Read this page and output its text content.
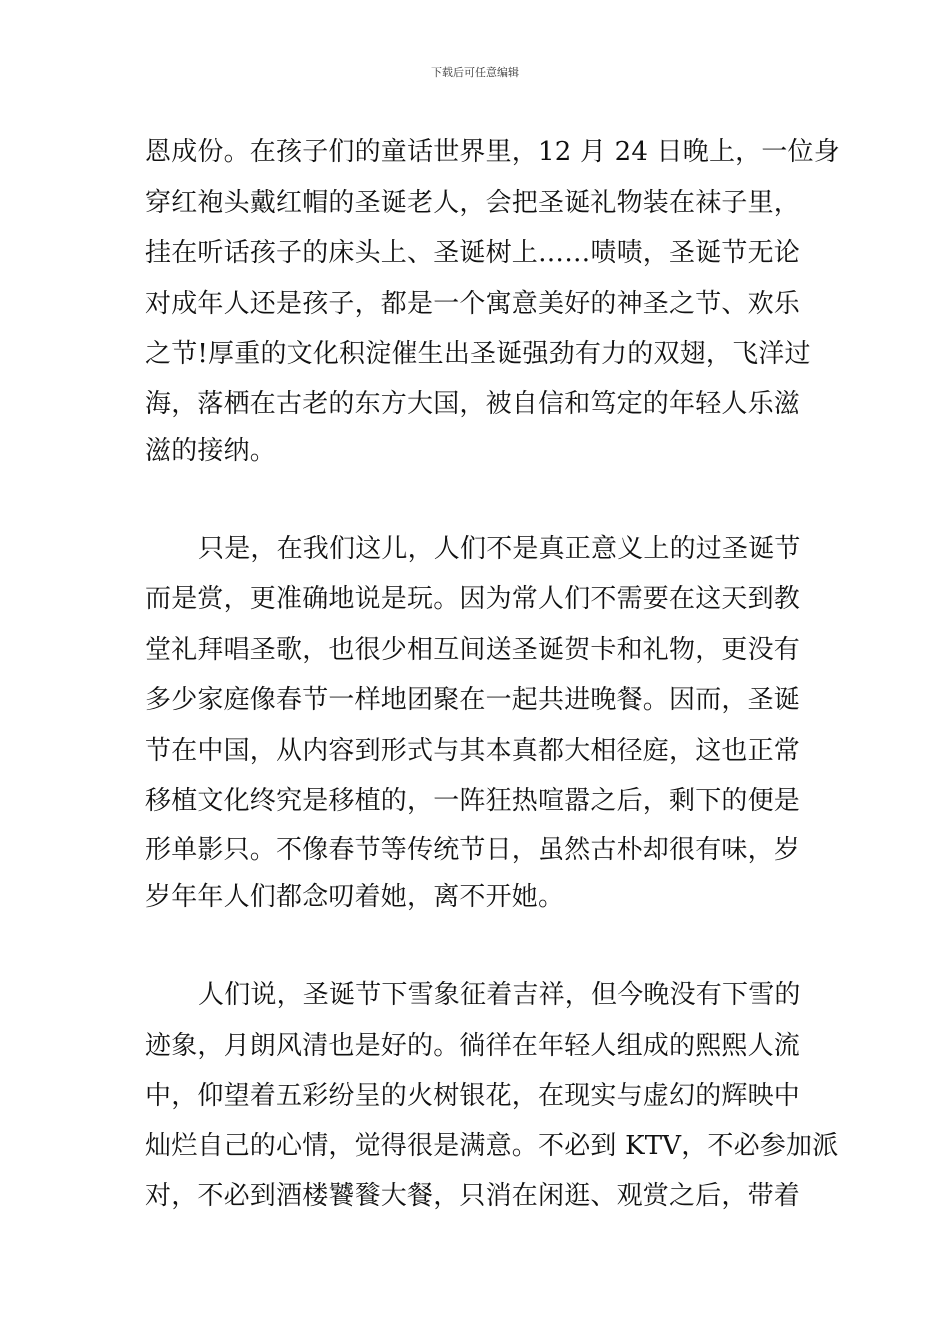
下载后可任意编辑
恩成份。在孩子们的童话世界里，12 月 24 日晚上，一位身
穿红袍头戴红帽的圣诞老人，会把圣诞礼物装在袜子里，
挂在听话孩子的床头上、圣诞树上……啧啧，圣诞节无论
对成年人还是孩子，都是一个寓意美好的神圣之节、欢乐
之节!厚重的文化积淀催生出圣诞强劲有力的双翅，飞洋过
海，落栖在古老的东方大国，被自信和笃定的年轻人乐滋
滋的接纳。
只是，在我们这儿，人们不是真正意义上的过圣诞节
而是赏，更准确地说是玩。因为常人们不需要在这天到教
堂礼拜唱圣歌，也很少相互间送圣诞贺卡和礼物，更没有
多少家庭像春节一样地团聚在一起共进晚餐。因而，圣诞
节在中国，从内容到形式与其本真都大相径庭，这也正常
移植文化终究是移植的，一阵狂热喧嚣之后，剩下的便是
形单影只。不像春节等传统节日，虽然古朴却很有味，岁
岁年年人们都念叨着她，离不开她。
人们说，圣诞节下雪象征着吉祥，但今晚没有下雪的
迹象，月朗风清也是好的。徜徉在年轻人组成的熙熙人流
中，仰望着五彩纷呈的火树银花，在现实与虚幻的辉映中
灿烂自己的心情，觉得很是满意。不必到 KTV，不必参加派
对，不必到酒楼饕餮大餐，只消在闲逛、观赏之后，带着
